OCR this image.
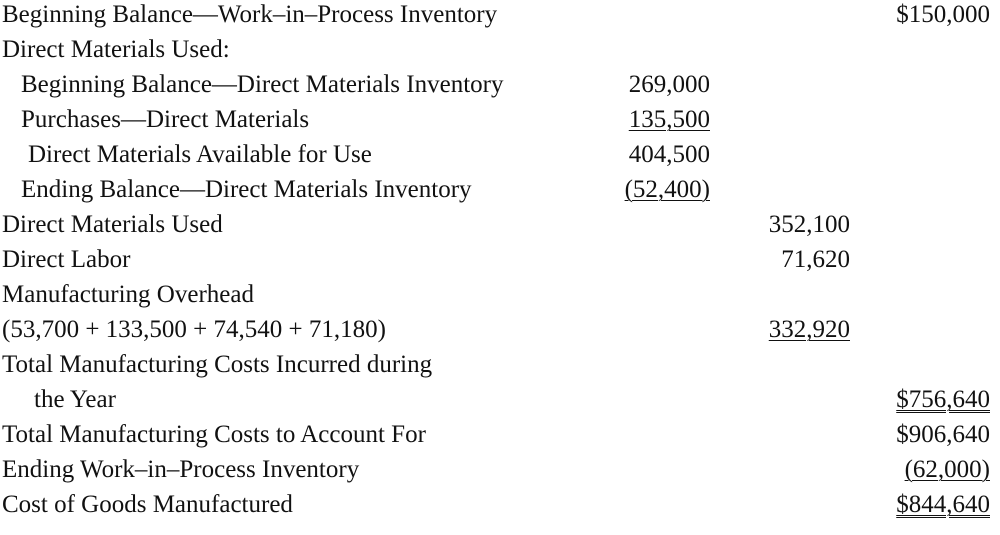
Beginning Balance—Work–in–Process Inventory	$150,000
Direct Materials Used:
Beginning Balance—Direct Materials Inventory	269,000
Purchases—Direct Materials	135,500
Direct Materials Available for Use	404,500
Ending Balance—Direct Materials Inventory	(52,400)
Direct Materials Used	352,100
Direct Labor	71,620
Manufacturing Overhead
(53,700 + 133,500 + 74,540 + 71,180)	332,920
Total Manufacturing Costs Incurred during
the Year	$756,640
Total Manufacturing Costs to Account For	$906,640
Ending Work–in–Process Inventory	(62,000)
Cost of Goods Manufactured	$844,640
